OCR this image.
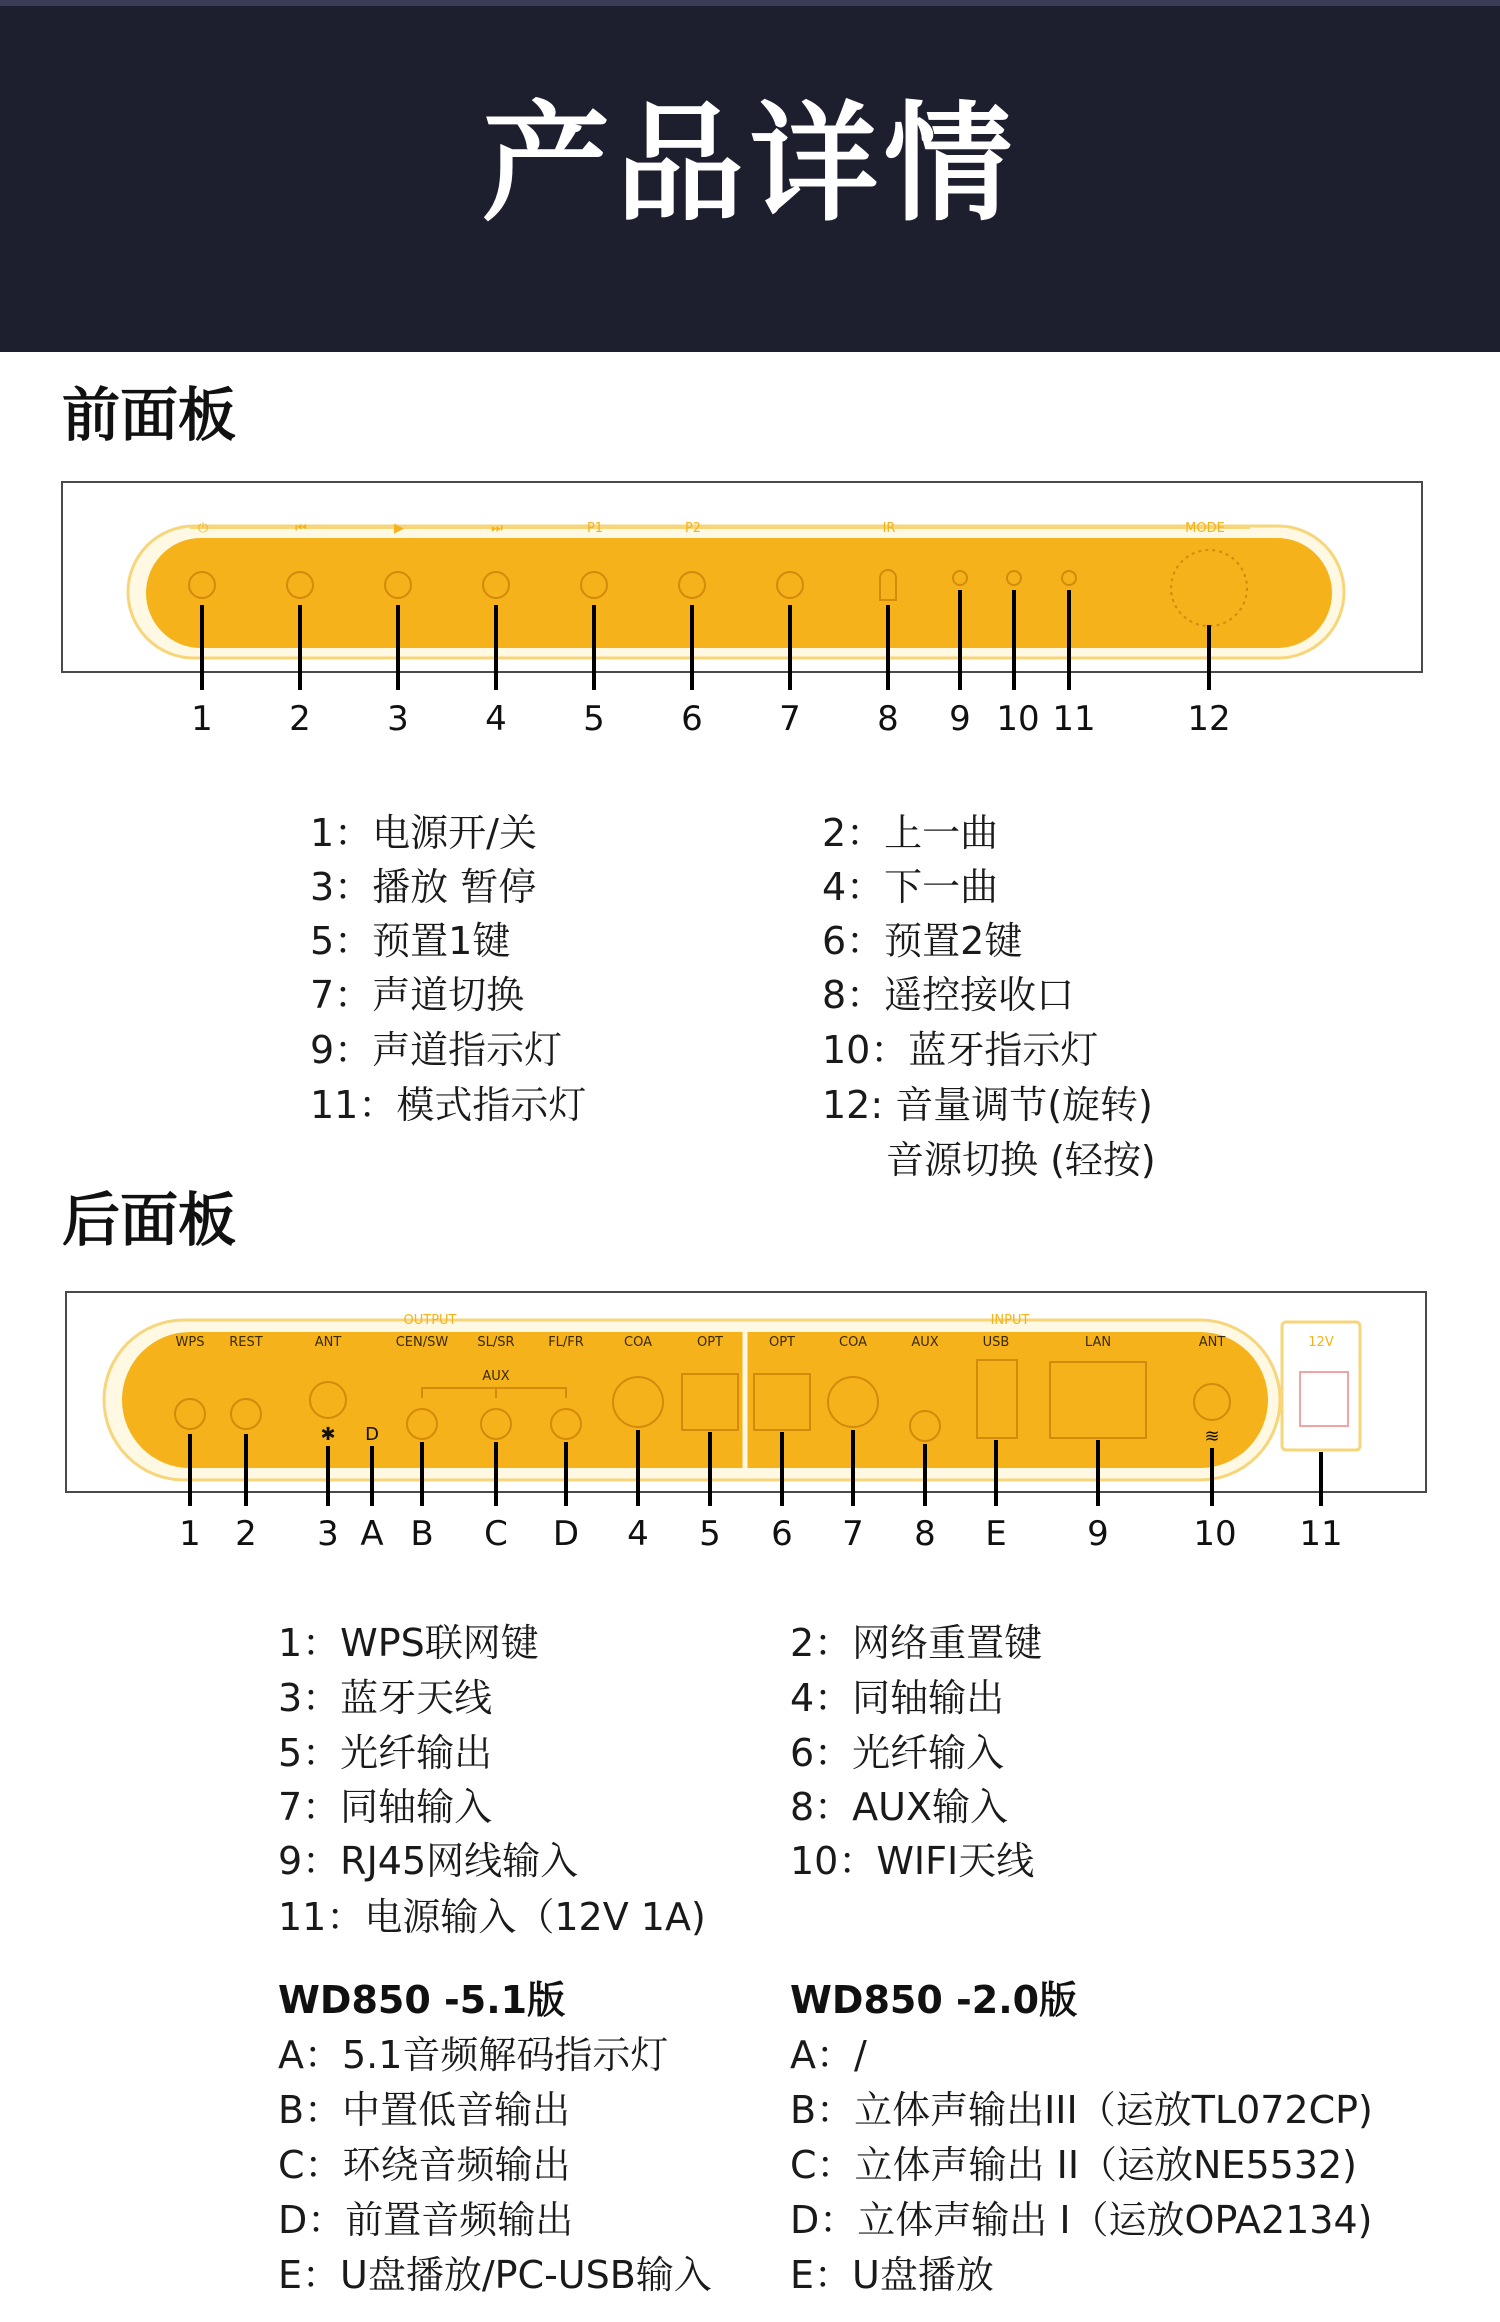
产品详情
前面板
⏻	⏮	▶	⏭	P1	P2	IR	MODE
1 2 3 4 5 6 7 8 9 10 11	12
1：电源开/关	2：上一曲
3：播放 暂停	4：下一曲
5：预置1键	6：预置2键
7：声道切换	8：遥控接收口
9：声道指示灯	10：蓝牙指示灯
11：模式指示灯	12: 音量调节(旋转)
音源切换 (轻按)
后面板
OUTPUT	INPUT
WPS REST	ANT	CEN/SW SL/SR	FL/FR	COA	OPT	OPT	COA	AUX	USB	LAN	ANT	12V
AUX
✱ D	≋
1 2 3 A B C D 4 5 6 7 8 E 9 10 11
1：WPS联网键	2：网络重置键
3：蓝牙天线	4：同轴输出
5：光纤输出	6：光纤输入
7：同轴输入	8：AUX输入
9：RJ45网线输入	10：WIFI天线
11：电源输入（12V 1A)
WD850 -5.1版
A：5.1音频解码指示灯
B：中置低音输出
C：环绕音频输出
D：前置音频输出
E：U盘播放/PC-USB输入
WD850 -2.0版
A：/
B：立体声输出III（运放TL072CP)
C：立体声输出 II（运放NE5532)
D：立体声输出 I（运放OPA2134)
E：U盘播放
